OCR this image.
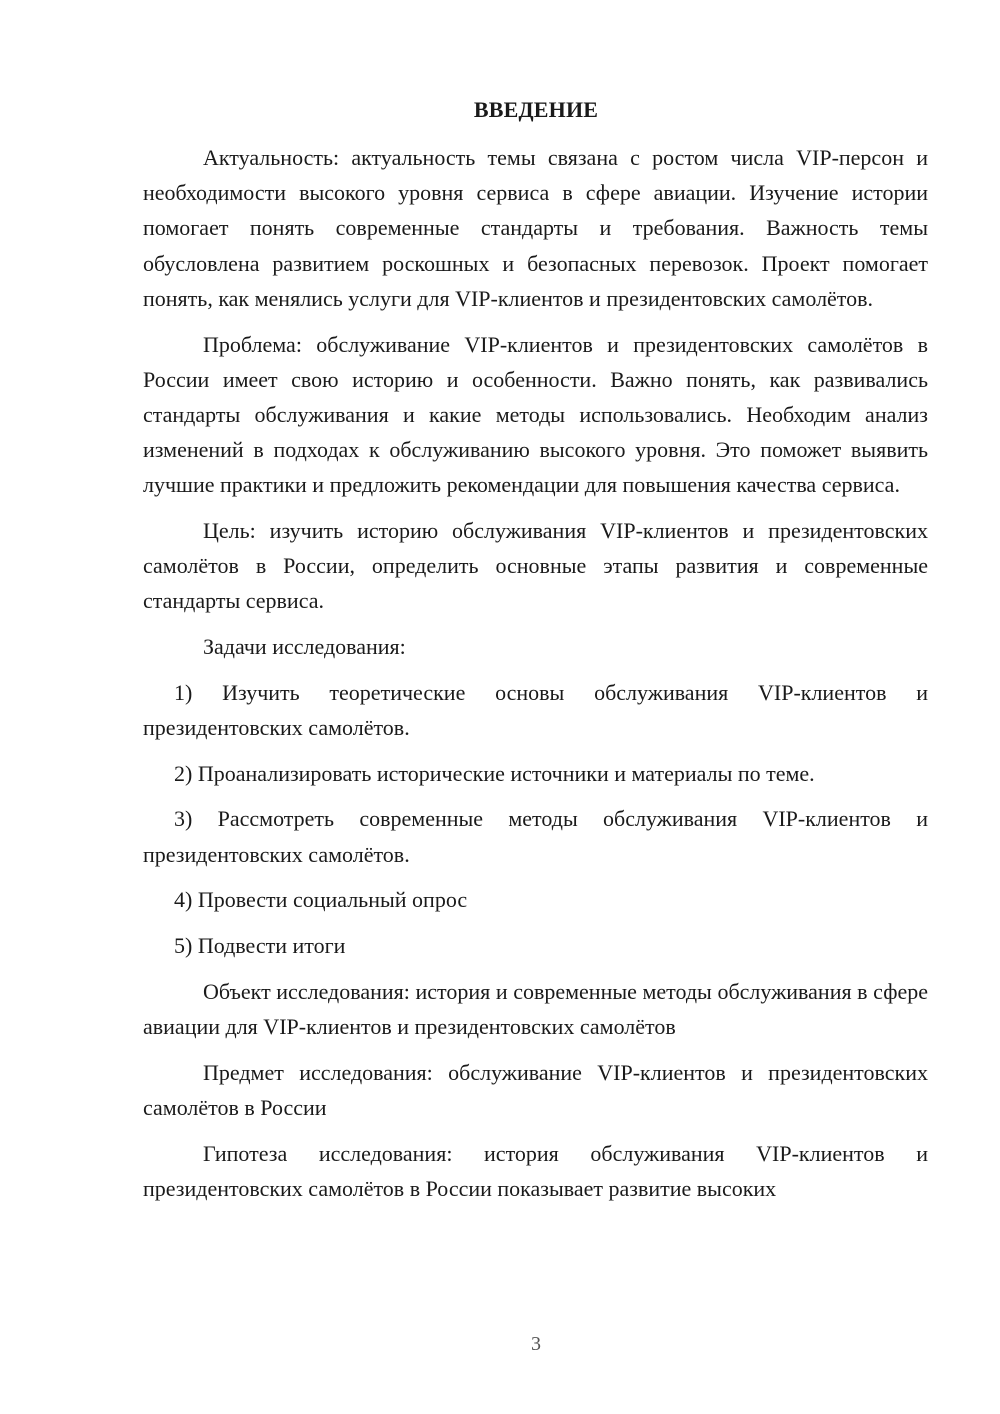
ВВЕДЕНИЕ

Актуальность: актуальность темы связана с ростом числа VIP-персон и необходимости высокого уровня сервиса в сфере авиации. Изучение истории помогает понять современные стандарты и требования. Важность темы обусловлена развитием роскошных и безопасных перевозок. Проект помогает понять, как менялись услуги для VIP-клиентов и президентовских самолётов.

Проблема: обслуживание VIP-клиентов и президентовских самолётов в России имеет свою историю и особенности. Важно понять, как развивались стандарты обслуживания и какие методы использовались. Необходим анализ изменений в подходах к обслуживанию высокого уровня. Это поможет выявить лучшие практики и предложить рекомендации для повышения качества сервиса.

Цель: изучить историю обслуживания VIP-клиентов и президентовских самолётов в России, определить основные этапы развития и современные стандарты сервиса.

Задачи исследования:

1) Изучить теоретические основы обслуживания VIP-клиентов и президентовских самолётов.

2) Проанализировать исторические источники и материалы по теме.

3) Рассмотреть современные методы обслуживания VIP-клиентов и президентовских самолётов.

4) Провести социальный опрос

5) Подвести итоги

Объект исследования: история и современные методы обслуживания в сфере авиации для VIP-клиентов и президентовских самолётов

Предмет исследования: обслуживание VIP-клиентов и президентовских самолётов в России

Гипотеза исследования: история обслуживания VIP-клиентов и президентовских самолётов в России показывает развитие высоких

3
